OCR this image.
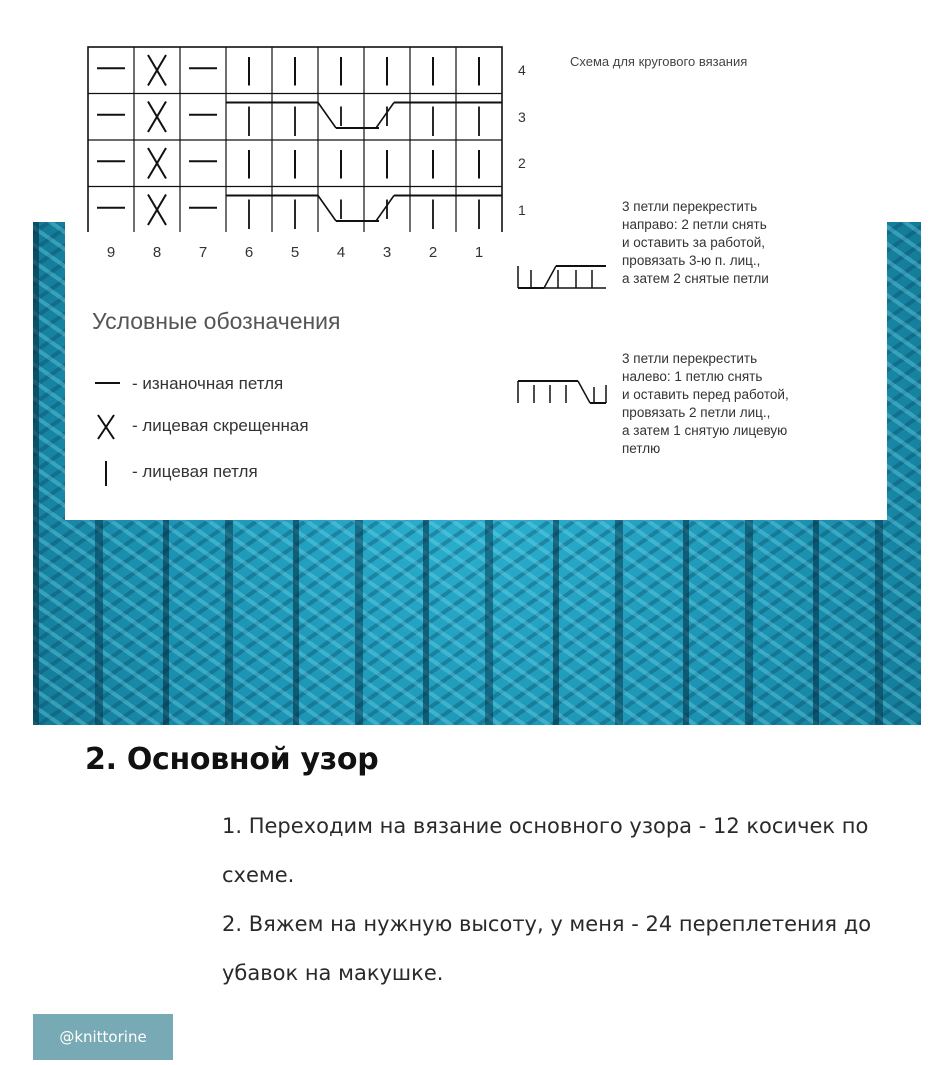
4
3
2
1
9	8	7	6	5	4	3	2	1
Схема для кругового вязания
Условные обозначения
- изнаночная петля
- лицевая скрещенная
- лицевая петля

3 петли перекрестить

направо: 2 петли снять

и оставить за работой,

провязать 3-ю п. лиц.,

а затем 2 снятые петли

3 петли перекрестить

налево: 1 петлю снять

и оставить перед работой,

провязать 2 петли лиц.,

а затем 1 снятую лицевую

петлю

2. Основной узор
1. Переходим на вязание основного узора - 12 косичек по схеме.
2. Вяжем на нужную высоту, у меня - 24 переплетения до убавок на макушке.
@knittorine
